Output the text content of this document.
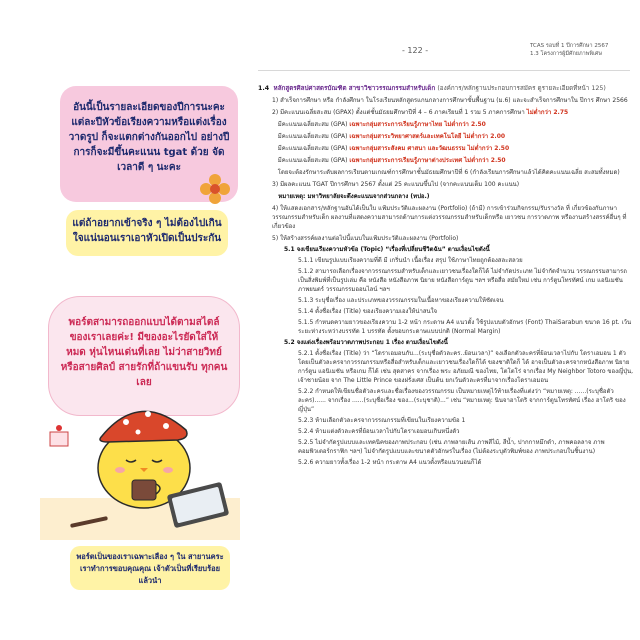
- 122 -	TCAS รอบที่ 1 ปีการศึกษา 2567
1.3 โครงการผู้มีศักยภาพพิเศษ
อันนี้เป็นรายละเอียดของปีการนะคะ แต่ละปีหัวข้อเรียงความหรือแต่งเรื่อง วาดรูป ก็จะแตกต่างกันออกไป อย่างปีการก็จะมีขึ้นคะแนน tgat ด้วย จัดเวลาดี ๆ นะคะ
แต่ถ้าอยากเข้าจริง ๆ ไม่ต้องไปเกิน ใจแน่นอนเราเอาหัวเปิดเป็นประกัน
พอร์ตสามารถออกแบบได้ตามสไตล์ ของเราเลยค่ะ! มีของอะไรยัดใส่ให้ หมด หุ่นไหนเด่นที่เลย ไม่ว่าสายวิทย์ หรือสายศิลป์ สายรักที่ถ้าแขนรับ ทุกคนเลย
พอร์ตเป็นของเราเฉพาะเลือง ๆ ใน สายานคระ เราทำการขอบคุณคุณ เจ้าตัวเป็นที่เรียบร้อยแล้วนำ
1.4 หลักสูตรศิลปศาสตรบัณฑิต สาขาวิชาวรรณกรรมสำหรับเด็ก (องค์การ/หลักฐานประกอบการสมัคร ดูรายละเอียดที่หน้า 125)
1) สำเร็จการศึกษา หรือ กำลังศึกษา ในโรงเรียนหลักสูตรแกนกลางการศึกษาขั้นพื้นฐาน (ม.6) และจะสำเร็จการศึกษาใน ปีการ ศึกษา 2566
2) มีคะแนนเฉลี่ยสะสม (GPAX) ตั้งแต่ชั้นมัธยมศึกษาปีที่ 4 – 6 ภาคเรียนที่ 1 รวม 5 ภาคการศึกษา ไม่ต่ำกว่า 2.75
มีคะแนนเฉลี่ยสะสม (GPA) เฉพาะกลุ่มสาระการเรียนรู้ภาษาไทย ไม่ต่ำกว่า 2.50
มีคะแนนเฉลี่ยสะสม (GPA) เฉพาะกลุ่มสาระวิทยาศาสตร์และเทคโนโลยี ไม่ต่ำกว่า 2.00
มีคะแนนเฉลี่ยสะสม (GPA) เฉพาะกลุ่มสาระสังคม ศาสนา และวัฒนธรรม ไม่ต่ำกว่า 2.50
มีคะแนนเฉลี่ยสะสม (GPA) เฉพาะกลุ่มสาระการเรียนรู้ภาษาต่างประเทศ ไม่ต่ำกว่า 2.50
โดยจะต้องรักษาระดับผลการเรียนตามเกณฑ์การศึกษาชั้นมัธยมศึกษาปีที่ 6 (กำลังเรียนการศึกษาแล้วได้คิดคะแนนเฉลี่ย สะสมทั้งหมด)
3) มีผลคะแนน TGAT ปีการศึกษา 2567 ตั้งแต่ 25 คะแนนขึ้นไป (จากคะแนนเต็ม 100 คะแนน)
หมายเหตุ: มหาวิทยาลัยจะดึงคะแนนจากส่วนกลาง (ทปอ.)
4) ให้แสดงเอกสาร/หลักฐานอันได้เป็นใบ แฟ้มประวัติและผลงาน (Portfolio) (ถ้ามี) การเข้าร่วมกิจกรรม/รับรางวัล ที่ เกี่ยวข้องกับภาษา วรรณกรรมสำหรับเด็ก ผลงานที่แสดงความสามารถด้านการแต่งวรรณกรรมสำหรับเด็กหรือ เยาวชน การวาดภาพ หรืองานสร้างสรรค์อื่นๆ ที่เกี่ยวข้อง
5) ให้สร้างสรรค์ผลงานต่อไปนี้แนบในแฟ้มประวัติและผลงาน (Portfolio)
5.1 จงเขียนเรียงความหัวข้อ (Topic) “เรื่องที่เปลี่ยนชีวิตฉัน” ตามเงื่อนไขดังนี้
5.1.1 เขียนรูปแบบเรียงความที่ดี มี เกริ่นนำ เนื้อเรื่อง สรุป ใช้ภาษาไทยถูกต้องสละสลวย
5.1.2 สามารถเลือกเรื่องจากวรรณกรรมสำหรับเด็กและเยาวชนเรื่องใดก็ได้ ไม่จำกัดประเภท ไม่จำกัดจำนวน วรรณกรรมสามารถเป็นสิ่งพิมพ์ที่เป็นรูปเล่ม คือ หนังสือ หนังสือภาพ นิยาย หนังสือการ์ตูน ฯลฯ หรือสื่อ สมัยใหม่ เช่น การ์ตูนโทรทัศน์ เกม แอนิเมชัน ภาพยนตร์ วรรณกรรมออนไลน์ ฯลฯ
5.1.3 ระบุชื่อเรื่อง และประเภทของวรรณกรรมในเนื้อหาของเรียงความให้ชัดเจน
5.1.4 ตั้งชื่อเรื่อง (Title) ของเรียงความเองให้น่าสนใจ
5.1.5 กำหนดความยาวของเรียงความ 1-2 หน้า กระดาษ A4 แนวตั้ง ใช้รูปแบบตัวอักษร (Font) ThaiSarabun ขนาด 16 pt. เว้นระยะห่างระหว่างบรรทัด 1 บรรทัด ตั้งขอบกระดาษแบบปกติ (Normal Margin)
5.2 จงแต่งเรื่องพร้อมวาดภาพประกอบ 1 เรื่อง ตามเงื่อนไขดังนี้
5.2.1 ตั้งชื่อเรื่อง (Title) ว่า “โดราเอมอนกับ...(ระบุชื่อตัวละคร..ย้อนเวลา)” จงเลือกตัวละครที่ย้อนเวลาไปกับ โดราเอมอน 1 ตัว โดยเป็นตัวละครจากวรรณกรรมหรือสื่อสำหรับเด็กและเยาวชนเรื่องใดก็ได้ ของชาติใดก็ ได้ อาจเป็นตัวละครจากหนังสือภาพ นิยาย การ์ตูน แอนิเมชัน หรือเกม ก็ได้ เช่น สุดสาคร จากเรื่อง พระ อภัยมณี ของไทย, โตโตโร่ จากเรื่อง My Neighbor Totoro ของญี่ปุ่น, เจ้าชายน้อย จาก The Little Prince ของฝรั่งเศส เป็นต้น ยกเว้นตัวละครที่มาจากเรื่องโดราเอมอน
5.2.2 กำหนดให้เขียนชื่อตัวละครและชื่อเรื่องของวรรณกรรม เป็นหมายเหตุไว้ท้ายเรื่องที่แต่งว่า “หมายเหตุ: ......(ระบุชื่อตัวละคร)...... จากเรื่อง ......(ระบุชื่อเรื่อง ของ...(ระบุชาติ)...” เช่น “หมายเหตุ: นินจาฮาโตริ จากการ์ตูนโทรทัศน์ เรื่อง ฮาโตริ ของญี่ปุ่น”
5.2.3 ห้ามเลือกตัวละครจากวรรณกรรมที่เขียนในเรียงความข้อ 1
5.2.4 ห้ามแต่งตัวละครที่ย้อนเวลาไปกับโดราเอมอนเกินหนึ่งตัว
5.2.5 ไม่จำกัดรูปแบบและเทคนิคของภาพประกอบ (เช่น ภาพลายเส้น ภาพสีไม้, สีน้ำ, ปากกาหมึกดำ, ภาพคอลลาจ ภาพคอมพิวเตอร์กราฟิก ฯลฯ) ไม่จำกัดรูปแบบและขนาดตัวอักษรในเรื่อง (ไม่ต้องระบุตัวพิมพ์ของ ภาพประกอบในชิ้นงาน)
5.2.6 ความยาวทั้งเรื่อง 1-2 หน้า กระดาษ A4 แนวตั้งหรือแนวนอนก็ได้
